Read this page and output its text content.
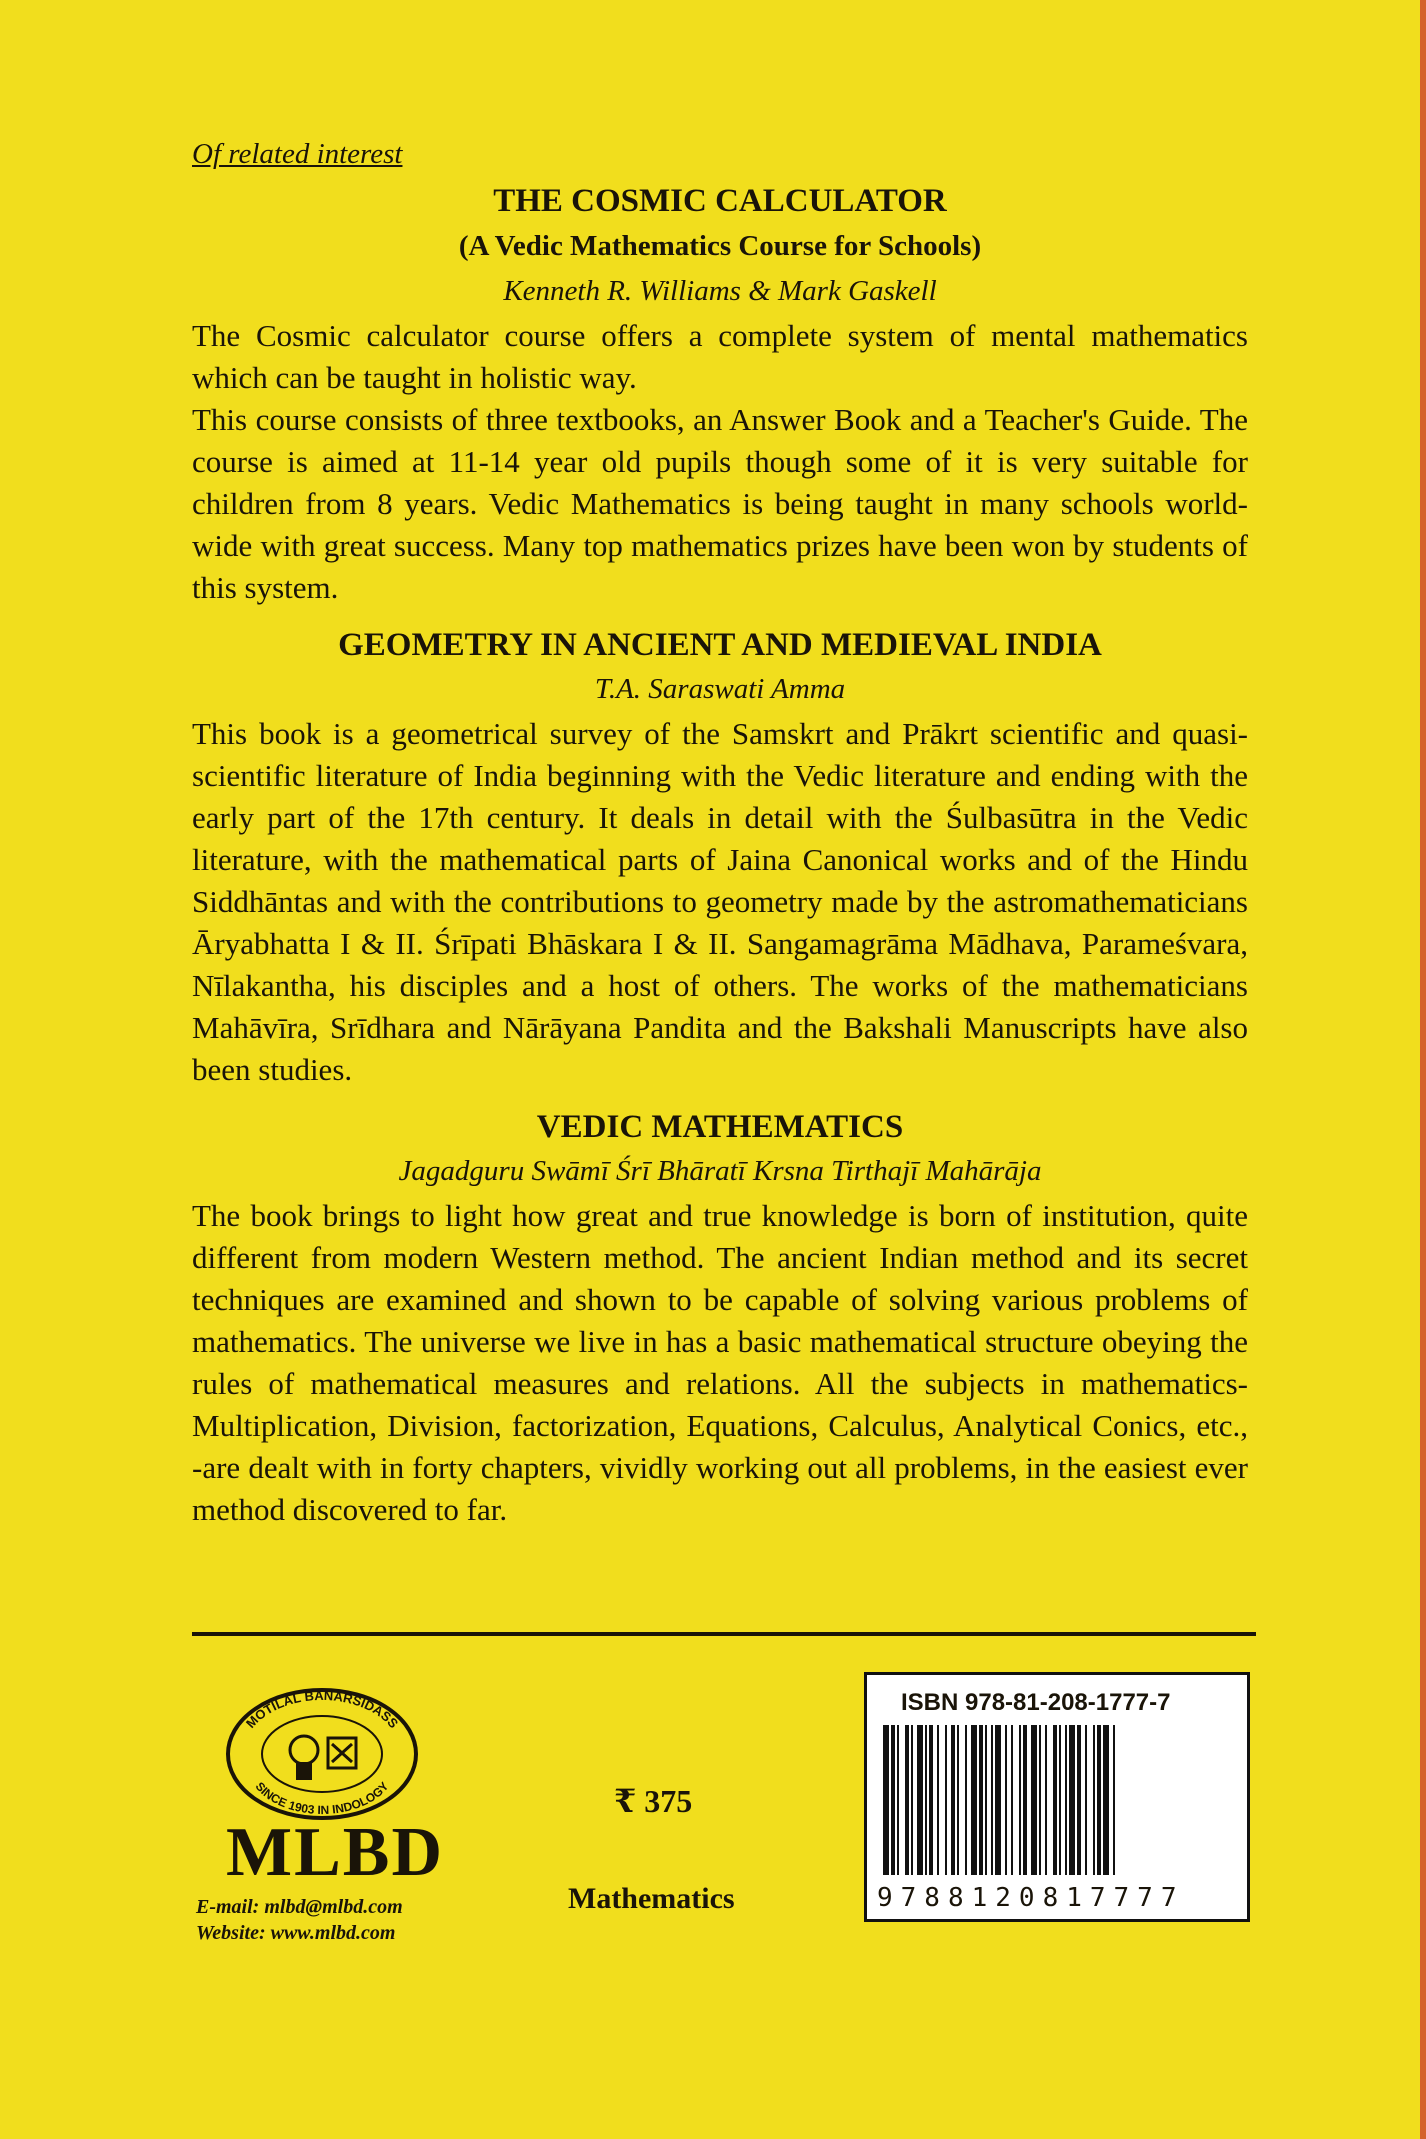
Of related interest

THE COSMIC CALCULATOR

(A Vedic Mathematics Course for Schools)

Kenneth R. Williams & Mark Gaskell

The Cosmic calculator course offers a complete system of mental mathematics which can be taught in holistic way.

This course consists of three textbooks, an Answer Book and a Teacher's Guide. The course is aimed at 11-14 year old pupils though some of it is very suitable for children from 8 years. Vedic Mathematics is being taught in many schools world-wide with great success. Many top mathematics prizes have been won by students of this system.

GEOMETRY IN ANCIENT AND MEDIEVAL INDIA

T.A. Saraswati Amma

This book is a geometrical survey of the Samskrt and Prākrt scientific and quasi-scientific literature of India beginning with the Vedic literature and ending with the early part of the 17th century. It deals in detail with the Śulbasūtra in the Vedic literature, with the mathematical parts of Jaina Canonical works and of the Hindu Siddhāntas and with the contributions to geometry made by the astromathematicians Āryabhatta I & II. Śrīpati Bhāskara I & II. Sangamagrāma Mādhava, Parameśvara, Nīlakantha, his disciples and a host of others. The works of the mathematicians Mahāvīra, Srīdhara and Nārāyana Pandita and the Bakshali Manuscripts have also been studies.

VEDIC MATHEMATICS

Jagadguru Swāmī Śrī Bhāratī Krsna Tirthajī Mahārāja

The book brings to light how great and true knowledge is born of institution, quite different from modern Western method. The ancient Indian method and its secret techniques are examined and shown to be capable of solving various problems of mathematics. The universe we live in has a basic mathematical structure obeying the rules of mathematical measures and relations. All the subjects in mathematics-Multiplication, Division, factorization, Equations, Calculus, Analytical Conics, etc., -are dealt with in forty chapters, vividly working out all problems, in the easiest ever method discovered to far.

MOTILAL BANARSIDASS
SINCE 1903 IN INDOLOGY
MLBD
E-mail: mlbd@mlbd.com
Website: www.mlbd.com
₹ 375
Mathematics
ISBN 978-81-208-1777-7
9788120817777
